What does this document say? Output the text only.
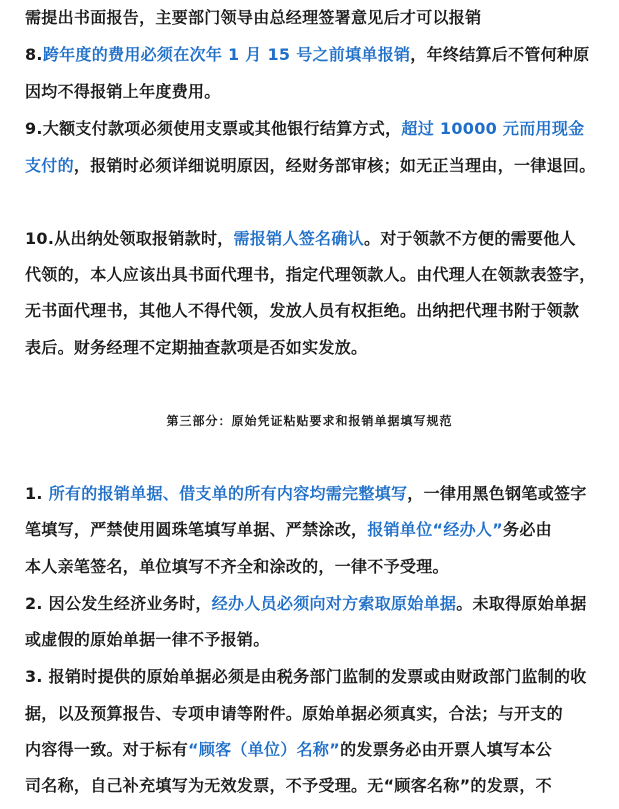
需提出书面报告，主要部门领导由总经理签署意见后才可以报销
8.跨年度的费用必须在次年 1 月 15 号之前填单报销，年终结算后不管何种原
因均不得报销上年度费用。
9.大额支付款项必须使用支票或其他银行结算方式，超过 10000 元而用现金
支付的，报销时必须详细说明原因，经财务部审核；如无正当理由，一律退回。
10.从出纳处领取报销款时，需报销人签名确认。对于领款不方便的需要他人
代领的，本人应该出具书面代理书，指定代理领款人。由代理人在领款表签字，
无书面代理书，其他人不得代领，发放人员有权拒绝。出纳把代理书附于领款
表后。财务经理不定期抽查款项是否如实发放。
第三部分：原始凭证粘贴要求和报销单据填写规范
1. 所有的报销单据、借支单的所有内容均需完整填写，一律用黑色钢笔或签字
笔填写，严禁使用圆珠笔填写单据、严禁涂改，报销单位“经办人”务必由
本人亲笔签名，单位填写不齐全和涂改的，一律不予受理。
2. 因公发生经济业务时，经办人员必须向对方索取原始单据。未取得原始单据
或虚假的原始单据一律不予报销。
3. 报销时提供的原始单据必须是由税务部门监制的发票或由财政部门监制的收
据，以及预算报告、专项申请等附件。原始单据必须真实，合法；与开支的
内容得一致。对于标有“顾客（单位）名称”的发票务必由开票人填写本公
司名称，自己补充填写为无效发票，不予受理。无“顾客名称”的发票，不
